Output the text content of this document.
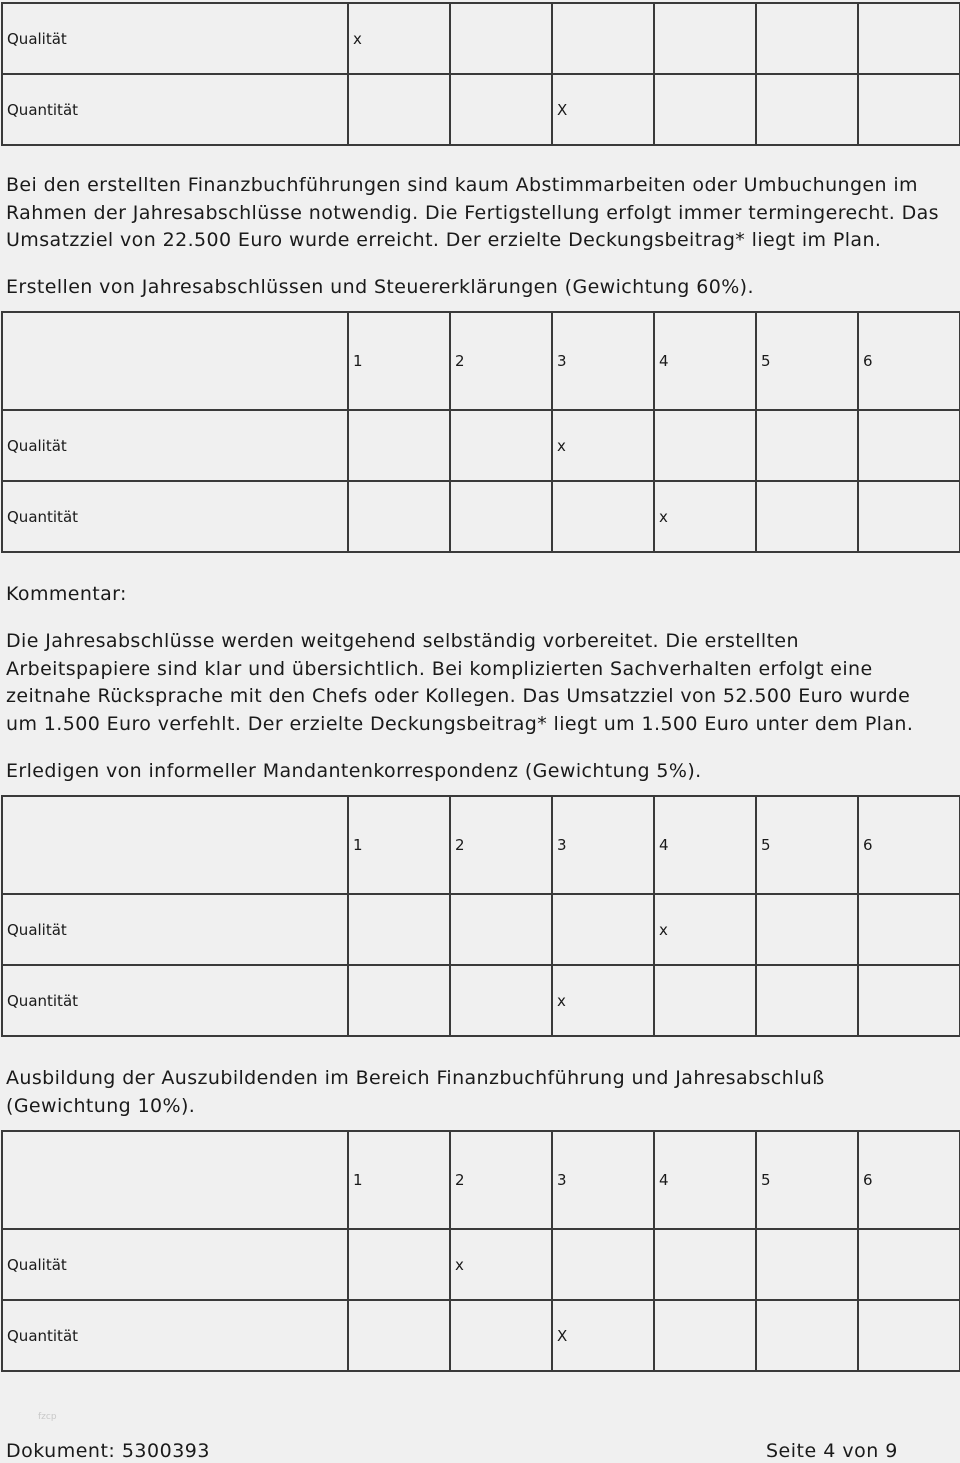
Qualität	x					
Quantität			X			
Bei den erstellten Finanzbuchführungen sind kaum Abstimmarbeiten oder Umbuchungen im
Rahmen der Jahresabschlüsse notwendig. Die Fertigstellung erfolgt immer termingerecht. Das
Umsatzziel von 22.500 Euro wurde erreicht. Der erzielte Deckungsbeitrag* liegt im Plan.
Erstellen von Jahresabschlüssen und Steuererklärungen (Gewichtung 60%).
	1	2	3	4	5	6
Qualität			x			
Quantität				x		
Kommentar:
Die Jahresabschlüsse werden weitgehend selbständig vorbereitet. Die erstellten
Arbeitspapiere sind klar und übersichtlich. Bei komplizierten Sachverhalten erfolgt eine
zeitnahe Rücksprache mit den Chefs oder Kollegen. Das Umsatzziel von 52.500 Euro wurde
um 1.500 Euro verfehlt. Der erzielte Deckungsbeitrag* liegt um 1.500 Euro unter dem Plan.
Erledigen von informeller Mandantenkorrespondenz (Gewichtung 5%).
	1	2	3	4	5	6
Qualität				x		
Quantität			x			
Ausbildung der Auszubildenden im Bereich Finanzbuchführung und Jahresabschluß
(Gewichtung 10%).
	1	2	3	4	5	6
Qualität		x				
Quantität			X			
fzcp
Dokument: 5300393	Seite 4 von 9
